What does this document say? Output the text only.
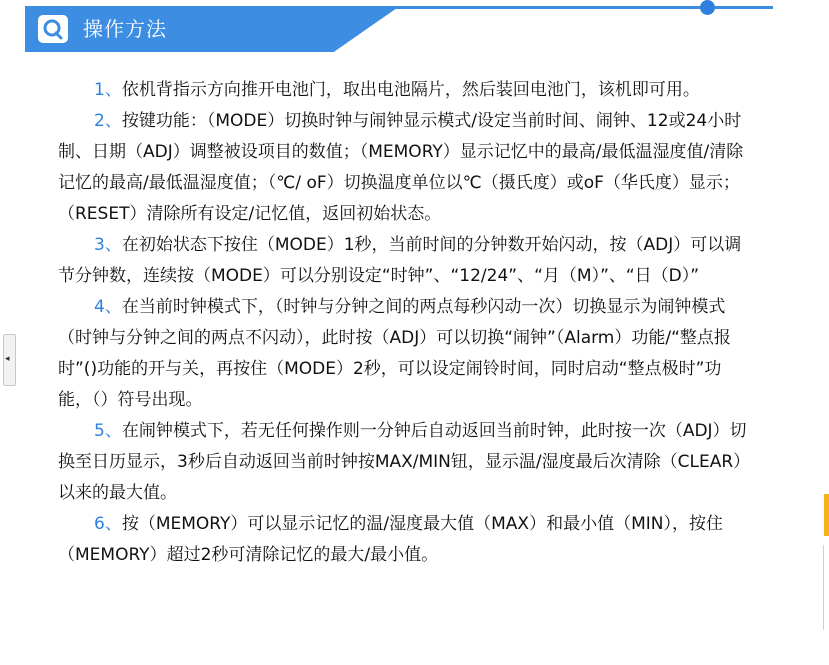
操作方法

1、依机背指示方向推开电池门，取出电池隔片，然后装回电池门，该机即可用。

2、按键功能：（MODE）切换时钟与闹钟显示模式/设定当前时间、闹钟、12或24小时制、日期（ADJ）调整被设项目的数值；（MEMORY）显示记忆中的最高/最低温湿度值/清除记忆的最高/最低温湿度值；（℃/ oF）切换温度单位以℃（摄氏度）或oF（华氏度）显示；（RESET）清除所有设定/记忆值，返回初始状态。

3、在初始状态下按住（MODE）1秒，当前时间的分钟数开始闪动，按（ADJ）可以调节分钟数，连续按（MODE）可以分别设定“时钟”、“12/24”、“月（M）”、“日（D）”

4、在当前时钟模式下，（时钟与分钟之间的两点每秒闪动一次）切换显示为闹钟模式（时钟与分钟之间的两点不闪动），此时按（ADJ）可以切换“闹钟”（Alarm）功能/“整点报时”()功能的开与关，再按住（MODE）2秒，可以设定闹铃时间，同时启动“整点极时”功能，（）符号出现。

5、在闹钟模式下，若无任何操作则一分钟后自动返回当前时钟，此时按一次（ADJ）切换至日历显示，3秒后自动返回当前时钟按MAX/MIN钮，显示温/湿度最后次清除（CLEAR）以来的最大值。

6、按（MEMORY）可以显示记忆的温/湿度最大值（MAX）和最小值（MIN），按住（MEMORY）超过2秒可清除记忆的最大/最小值。

◂
